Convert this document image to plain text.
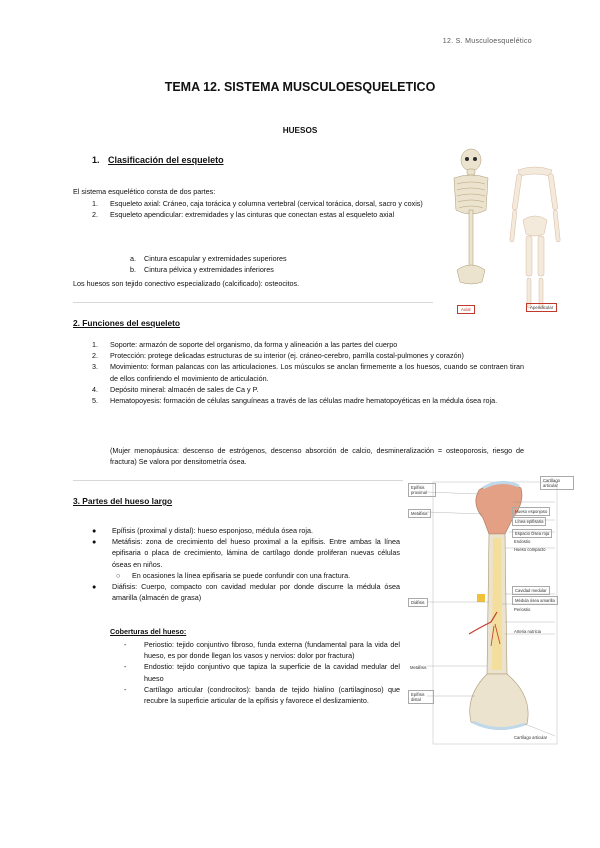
12. S. Musculoesquelético
TEMA 12. SISTEMA MUSCULOESQUELETICO
HUESOS
1. Clasificación del esqueleto
El sistema esquelético consta de dos partes:
1. Esqueleto axial: Cráneo, caja torácica y columna vertebral (cervical torácica, dorsal, sacro y coxis)
2. Esqueleto apendicular: extremidades y las cinturas que conectan estas al esqueleto axial
a. Cintura escapular y extremidades superiores
b. Cintura pélvica y extremidades inferiores
Los huesos son tejido conectivo especializado (calcificado): osteocitos.
Axial	Apendicular
2. Funciones del esqueleto
1. Soporte: armazón de soporte del organismo, da forma y alineación a las partes del cuerpo
2. Protección: protege delicadas estructuras de su interior (ej. cráneo-cerebro, parrilla costal-pulmones y corazón)
3. Movimiento: forman palancas con las articulaciones. Los músculos se anclan firmemente a los huesos, cuando se contraen tiran de ellos confiriendo el movimiento de articulación.
4. Depósito mineral: almacén de sales de Ca y P.
5. Hematopoyesis: formación de células sanguíneas a través de las células madre hematopoyéticas en la médula ósea roja.
(Mujer menopáusica: descenso de estrógenos, descenso absorción de calcio, desmineralización = osteoporosis, riesgo de fractura) Se valora por densitometría ósea.
3. Partes del hueso largo
● Epífisis (proximal y distal): hueso esponjoso, médula ósea roja.
● Metáfisis: zona de crecimiento del hueso proximal a la epífisis. Entre ambas la línea epifisaria o placa de crecimiento, lámina de cartílago donde proliferan nuevas células óseas en niños.
○ En ocasiones la línea epifisaria se puede confundir con una fractura.
● Diáfisis: Cuerpo, compacto con cavidad medular por donde discurre la médula ósea amarilla (almacén de grasa)
Coberturas del hueso:
- Periostio: tejido conjuntivo fibroso, funda externa (fundamental para la vida del hueso, es por donde llegan los vasos y nervios: dolor por fractura)
- Endostio: tejido conjuntivo que tapiza la superficie de la cavidad medular del hueso
- Cartílago articular (condrocitos): banda de tejido hialino (cartilaginoso) que recubre la superficie articular de la epífisis y favorece el deslizamiento.
Epífisis proximal
Metáfisis
Diáfisis
Metáfisis
Epífisis distal
Cartílago articular
Hueso esponjoso
Línea epifisaria
Espacio Ósea roja
Endostio
Hueso compacto
Cavidad medular
Médula ósea amarilla
Periostio
Arteria nutricia
Cartílago articular
